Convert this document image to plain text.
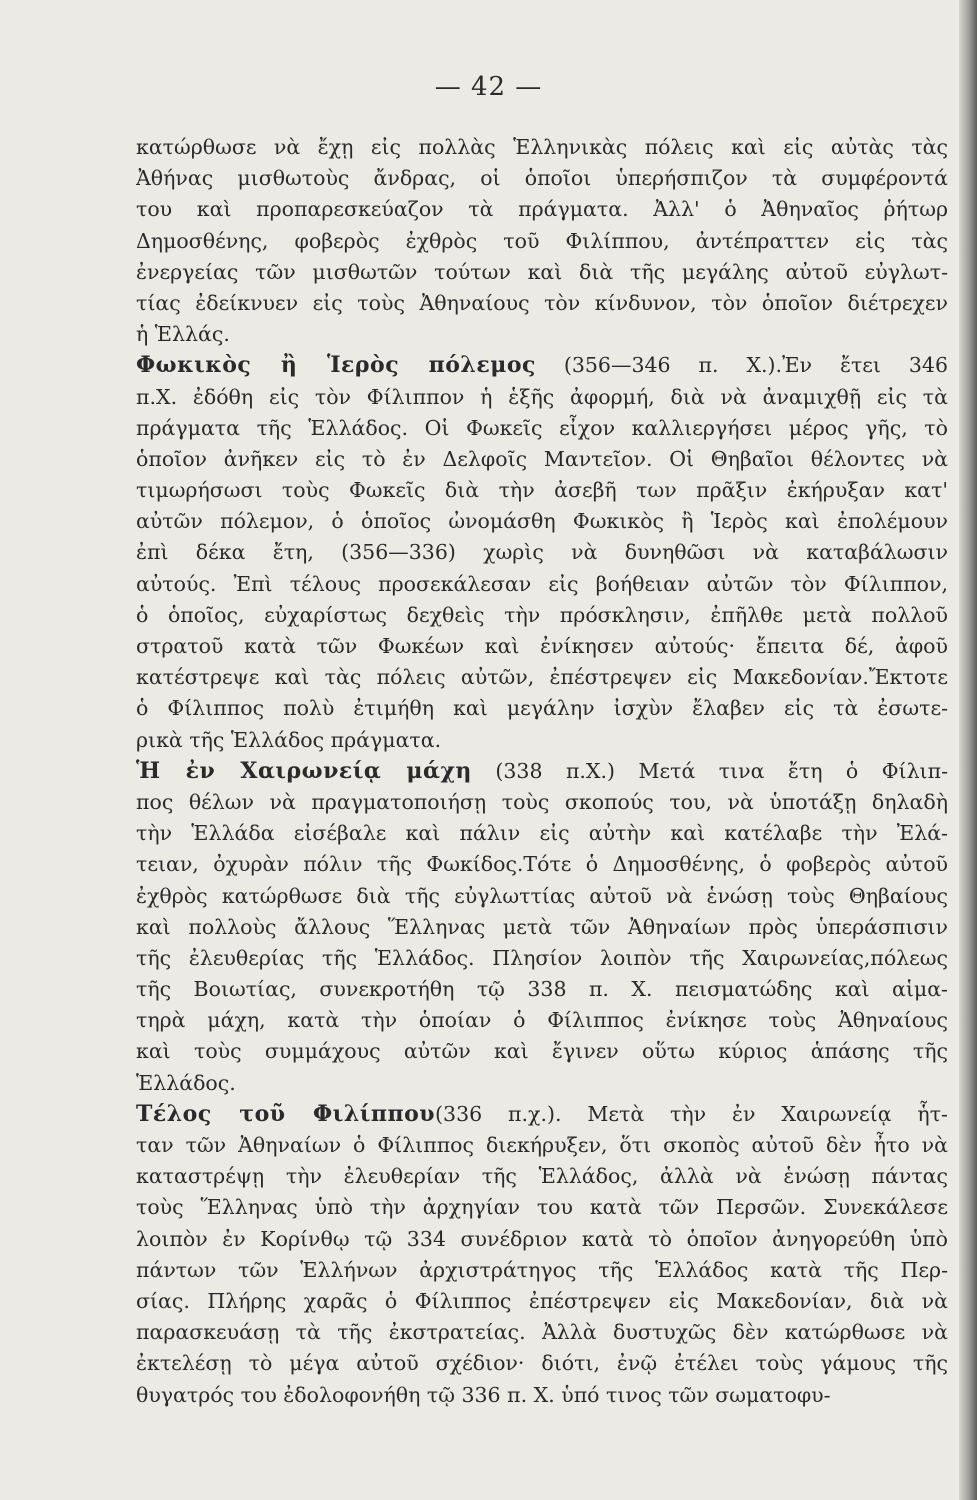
— 42 —
κατώρθωσε νὰ ἔχῃ εἰς πολλὰς Ἑλληνικὰς πόλεις καὶ εἰς αὐτὰς τὰς
Ἀθήνας μισθωτοὺς ἄνδρας, οἱ ὁποῖοι ὑπερήσπιζον τὰ συμφέροντά
του καὶ προπαρεσκεύαζον τὰ πράγματα. Ἀλλ' ὁ Ἀθηναῖος ῥήτωρ
Δημοσθένης, φοβερὸς ἐχθρὸς τοῦ Φιλίππου, ἀντέπραττεν εἰς τὰς
ἐνεργείας τῶν μισθωτῶν τούτων καὶ διὰ τῆς μεγάλης αὐτοῦ εὐγλωτ-
τίας ἐδείκνυεν εἰς τοὺς Ἀθηναίους τὸν κίνδυνον, τὸν ὁποῖον διέτρεχεν
ἡ Ἑλλάς.
Φωκικὸς ἢ Ἱερὸς πόλεμος (356—346 π. Χ.).Ἐν ἔτει 346
π.Χ. ἐδόθη εἰς τὸν Φίλιππον ἡ ἑξῆς ἀφορμή, διὰ νὰ ἀναμιχθῇ εἰς τὰ
πράγματα τῆς Ἑλλάδος. Οἱ Φωκεῖς εἶχον καλλιεργήσει μέρος γῆς, τὸ
ὁποῖον ἀνῆκεν εἰς τὸ ἐν Δελφοῖς Μαντεῖον. Οἱ Θηβαῖοι θέλοντες νὰ
τιμωρήσωσι τοὺς Φωκεῖς διὰ τὴν ἀσεβῆ των πρᾶξιν ἐκήρυξαν κατ'
αὐτῶν πόλεμον, ὁ ὁποῖος ὠνομάσθη Φωκικὸς ἢ Ἱερὸς καὶ ἐπολέμουν
ἐπὶ δέκα ἔτη, (356—336) χωρὶς νὰ δυνηθῶσι νὰ καταβάλωσιν
αὐτούς. Ἐπὶ τέλους προσεκάλεσαν εἰς βοήθειαν αὐτῶν τὸν Φίλιππον,
ὁ ὁποῖος, εὐχαρίστως δεχθεὶς τὴν πρόσκλησιν, ἐπῆλθε μετὰ πολλοῦ
στρατοῦ κατὰ τῶν Φωκέων καὶ ἐνίκησεν αὐτούς· ἔπειτα δέ, ἀφοῦ
κατέστρεψε καὶ τὰς πόλεις αὐτῶν, ἐπέστρεψεν εἰς Μακεδονίαν.Ἔκτοτε
ὁ Φίλιππος πολὺ ἐτιμήθη καὶ μεγάλην ἰσχὺν ἔλαβεν εἰς τὰ ἐσωτε-
ρικὰ τῆς Ἑλλάδος πράγματα.
Ἡ ἐν Χαιρωνείᾳ μάχη (338 π.Χ.) Μετά τινα ἔτη ὁ Φίλιπ-
πος θέλων νὰ πραγματοποιήσῃ τοὺς σκοπούς του, νὰ ὑποτάξῃ δηλαδὴ
τὴν Ἑλλάδα εἰσέβαλε καὶ πάλιν εἰς αὐτὴν καὶ κατέλαβε τὴν Ἐλά-
τειαν, ὀχυρὰν πόλιν τῆς Φωκίδος.Τότε ὁ Δημοσθένης, ὁ φοβερὸς αὐτοῦ
ἐχθρὸς κατώρθωσε διὰ τῆς εὐγλωττίας αὐτοῦ νὰ ἑνώσῃ τοὺς Θηβαίους
καὶ πολλοὺς ἄλλους Ἕλληνας μετὰ τῶν Ἀθηναίων πρὸς ὑπεράσπισιν
τῆς ἐλευθερίας τῆς Ἑλλάδος. Πλησίον λοιπὸν τῆς Χαιρωνείας,πόλεως
τῆς Βοιωτίας, συνεκροτήθη τῷ 338 π. Χ. πεισματώδης καὶ αἱμα-
τηρὰ μάχη, κατὰ τὴν ὁποίαν ὁ Φίλιππος ἐνίκησε τοὺς Ἀθηναίους
καὶ τοὺς συμμάχους αὐτῶν καὶ ἔγινεν οὕτω κύριος ἁπάσης τῆς
Ἑλλάδος.
Τέλος τοῦ Φιλίππου(336 π.χ.). Μετὰ τὴν ἐν Χαιρωνείᾳ ἧτ-
ταν τῶν Ἀθηναίων ὁ Φίλιππος διεκήρυξεν, ὅτι σκοπὸς αὐτοῦ δὲν ἦτο νὰ
καταστρέψῃ τὴν ἐλευθερίαν τῆς Ἑλλάδος, ἀλλὰ νὰ ἑνώσῃ πάντας
τοὺς Ἕλληνας ὑπὸ τὴν ἀρχηγίαν του κατὰ τῶν Περσῶν. Συνεκάλεσε
λοιπὸν ἐν Κορίνθῳ τῷ 334 συνέδριον κατὰ τὸ ὁποῖον ἀνηγορεύθη ὑπὸ
πάντων τῶν Ἑλλήνων ἀρχιστράτηγος τῆς Ἑλλάδος κατὰ τῆς Περ-
σίας. Πλήρης χαρᾶς ὁ Φίλιππος ἐπέστρεψεν εἰς Μακεδονίαν, διὰ νὰ
παρασκευάσῃ τὰ τῆς ἐκστρατείας. Ἀλλὰ δυστυχῶς δὲν κατώρθωσε νὰ
ἐκτελέσῃ τὸ μέγα αὐτοῦ σχέδιον· διότι, ἐνῷ ἐτέλει τοὺς γάμους τῆς
θυγατρός του ἐδολοφονήθη τῷ 336 π. Χ. ὑπό τινος τῶν σωματοφυ-
